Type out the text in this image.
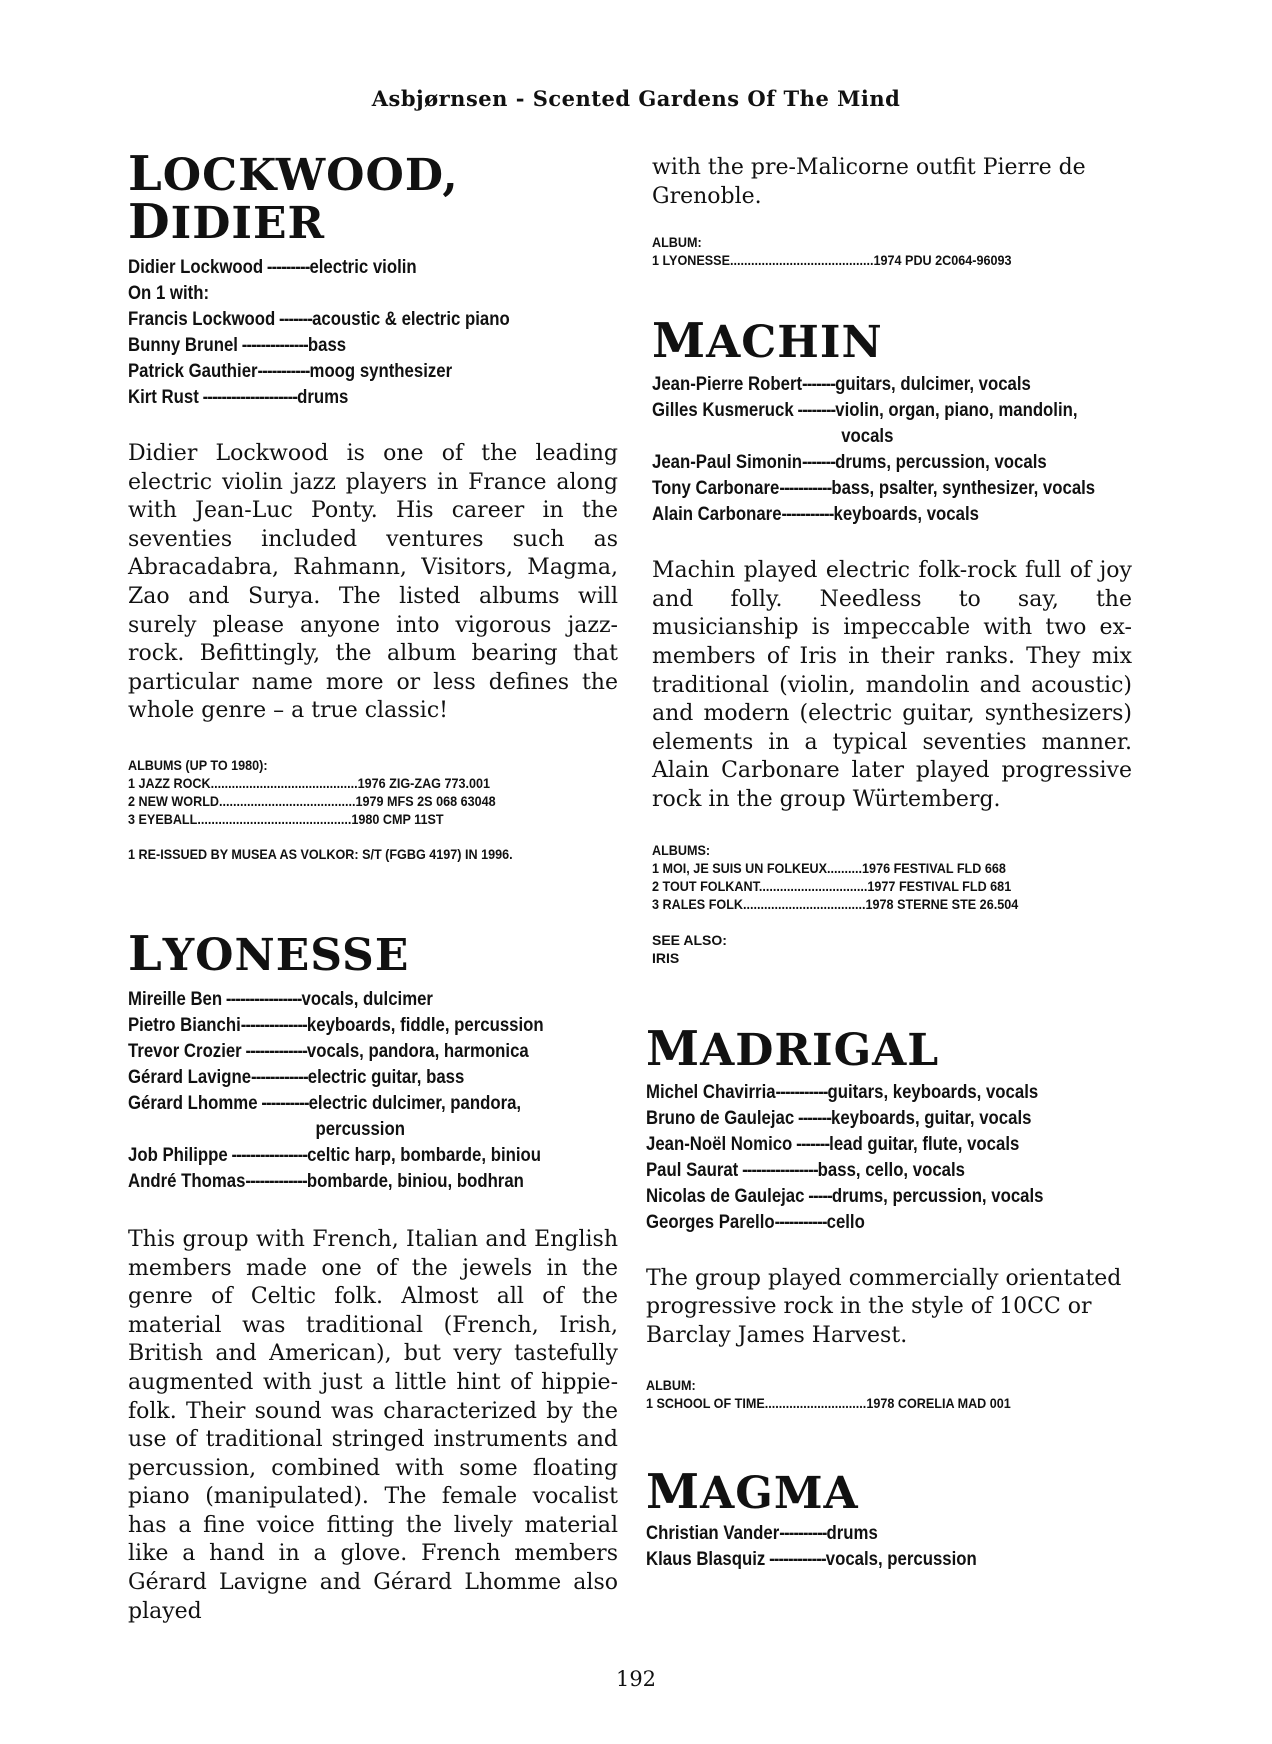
Asbjørnsen - Scented Gardens Of The Mind
LOCKWOOD, DIDIER
Didier Lockwood ---------electric violin
On 1 with:
Francis Lockwood -------acoustic & electric piano
Bunny Brunel --------------bass
Patrick Gauthier-----------moog synthesizer
Kirt Rust --------------------drums

Didier Lockwood is one of the leading electric violin jazz players in France along with Jean-Luc Ponty. His career in the seventies included ventures such as Abracadabra, Rahmann, Visitors, Magma, Zao and Surya. The listed albums will surely please anyone into vigorous jazz-rock. Befittingly, the album bearing that particular name more or less defines the whole genre – a true classic!

ALBUMS (UP TO 1980):
1 JAZZ ROCK..........................................1976 ZIG-ZAG 773.001
2 NEW WORLD.......................................1979 MFS 2S 068 63048
3 EYEBALL............................................1980 CMP 11ST
1 RE-ISSUED BY MUSEA AS VOLKOR: S/T (FGBG 4197) IN 1996.
LYONESSE
Mireille Ben ----------------vocals, dulcimer
Pietro Bianchi--------------keyboards, fiddle, percussion
Trevor Crozier -------------vocals, pandora, harmonica
Gérard Lavigne------------electric guitar, bass
Gérard Lhomme ----------electric dulcimer, pandora,
percussion
Job Philippe ----------------celtic harp, bombarde, biniou
André Thomas-------------bombarde, biniou, bodhran

This group with French, Italian and English members made one of the jewels in the genre of Celtic folk. Almost all of the material was traditional (French, Irish, British and American), but very tastefully augmented with just a little hint of hippie-folk. Their sound was characterized by the use of traditional stringed instruments and percussion, combined with some floating piano (manipulated). The female vocalist has a fine voice fitting the lively material like a hand in a glove. French members Gérard Lavigne and Gérard Lhomme also played

with the pre-Malicorne outfit Pierre de Grenoble.

ALBUM:
1 LYONESSE.........................................1974 PDU 2C064-96093
MACHIN
Jean-Pierre Robert-------guitars, dulcimer, vocals
Gilles Kusmeruck --------violin, organ, piano, mandolin,
vocals
Jean-Paul Simonin-------drums, percussion, vocals
Tony Carbonare-----------bass, psalter, synthesizer, vocals
Alain Carbonare-----------keyboards, vocals

Machin played electric folk-rock full of joy and folly. Needless to say, the musicianship is impeccable with two ex-members of Iris in their ranks. They mix traditional (violin, mandolin and acoustic) and modern (electric guitar, synthesizers) elements in a typical seventies manner. Alain Carbonare later played progressive rock in the group Würtemberg.

ALBUMS:
1 MOI, JE SUIS UN FOLKEUX..........1976 FESTIVAL FLD 668
2 TOUT FOLKANT...............................1977 FESTIVAL FLD 681
3 RALES FOLK...................................1978 STERNE STE 26.504
SEE ALSO:
IRIS
MADRIGAL
Michel Chavirria-----------guitars, keyboards, vocals
Bruno de Gaulejac -------keyboards, guitar, vocals
Jean-Noël Nomico -------lead guitar, flute, vocals
Paul Saurat ----------------bass, cello, vocals
Nicolas de Gaulejac -----drums, percussion, vocals
Georges Parello-----------cello

The group played commercially orientated progressive rock in the style of 10CC or Barclay James Harvest.

ALBUM:
1 SCHOOL OF TIME.............................1978 CORELIA MAD 001
MAGMA
Christian Vander----------drums
Klaus Blasquiz ------------vocals, percussion
192
